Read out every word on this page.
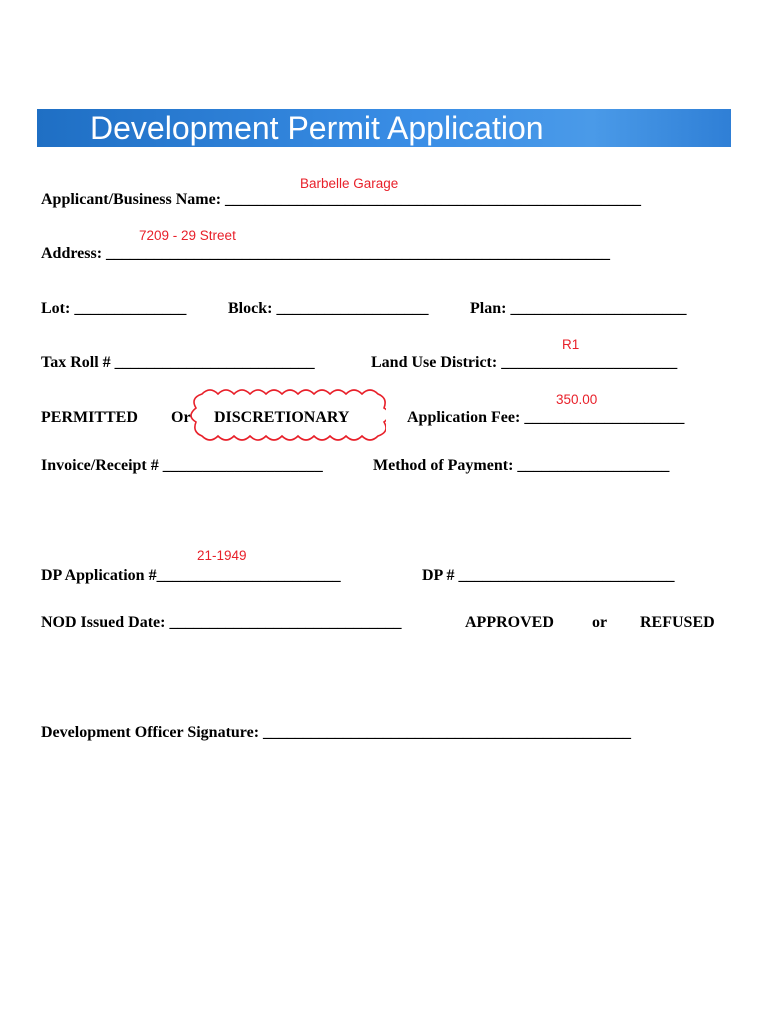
Development Permit Application
Barbelle Garage
Applicant/Business Name: ____________________________________________________
7209 - 29 Street
Address: _______________________________________________________________
Lot: ______________	Block: ___________________	Plan: ______________________
R1
Tax Roll # _________________________	Land Use District: ______________________
PERMITTED Or DISCRETIONARY
350.00
Application Fee: ____________________
Invoice/Receipt # ____________________	Method of Payment: ___________________
21-1949
DP Application #_______________________	DP # ___________________________
NOD Issued Date: _____________________________	APPROVED or REFUSED
Development Officer Signature: ______________________________________________
